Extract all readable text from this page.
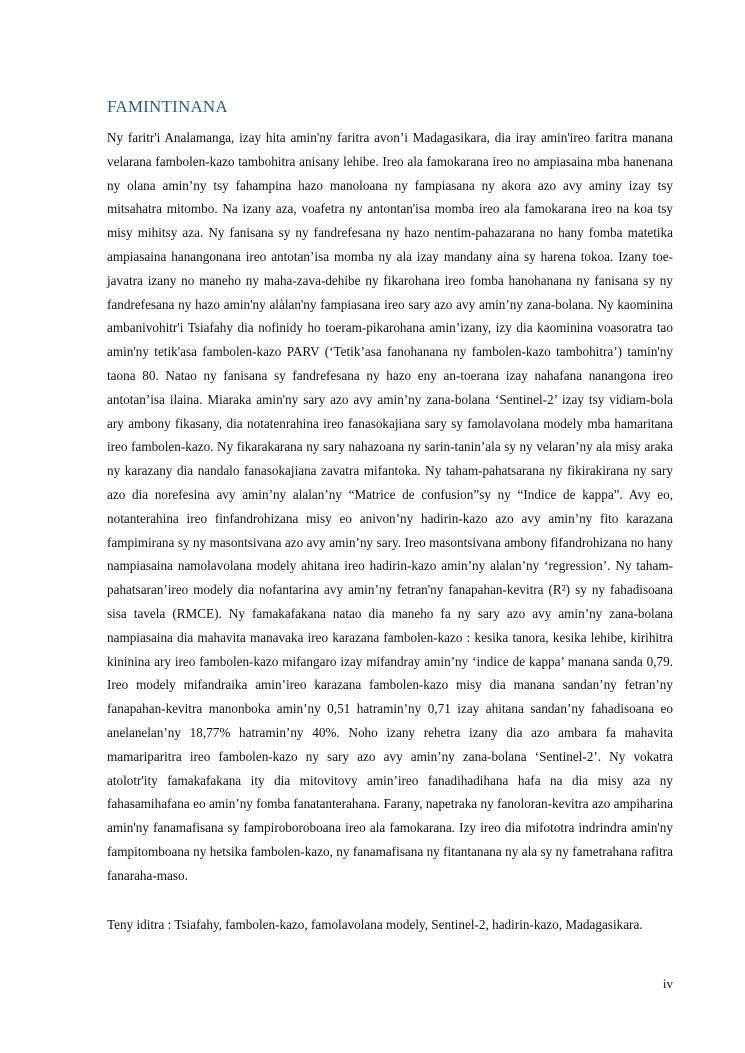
FAMINTINANA

Ny faritr'i Analamanga, izay hita amin'ny faritra avon’i Madagasikara, dia iray amin'ireo faritra manana velarana fambolen-kazo tambohitra anisany lehibe. Ireo ala famokarana ireo no ampiasaina mba hanenana ny olana amin’ny tsy fahampina hazo manoloana ny fampiasana ny akora azo avy aminy izay tsy mitsahatra mitombo. Na izany aza, voafetra ny antontan'isa momba ireo ala famokarana ireo na koa tsy misy mihitsy aza. Ny fanisana sy ny fandrefesana ny hazo nentim-pahazarana no hany fomba matetika ampiasaina hanangonana ireo antotan’isa momba ny ala izay mandany aina sy harena tokoa. Izany toe-javatra izany no maneho ny maha-zava-dehibe ny fikarohana ireo fomba hanohanana ny fanisana sy ny fandrefesana ny hazo amin'ny alàlan'ny fampiasana ireo sary azo avy amin’ny zana-bolana. Ny kaominina ambanivohitr'i Tsiafahy dia nofinidy ho toeram-pikarohana amin’izany, izy dia kaominina voasoratra tao amin'ny tetik'asa fambolen-kazo PARV (‘Tetik’asa fanohanana ny fambolen-kazo tambohitra’) tamin'ny taona 80. Natao ny fanisana sy fandrefesana ny hazo eny an-toerana izay nahafana nanangona ireo antotan’isa ilaina. Miaraka amin'ny sary azo avy amin’ny zana-bolana ‘Sentinel-2’ izay tsy vidiam-bola ary ambony fikasany, dia notatenrahina ireo fanasokajiana sary sy famolavolana modely mba hamaritana ireo fambolen-kazo. Ny fikarakarana ny sary nahazoana ny sarin-tanin’ala sy ny velaran’ny ala misy araka ny karazany dia nandalo fanasokajiana zavatra mifantoka. Ny taham-pahatsarana ny fikirakirana ny sary azo dia norefesina avy amin’ny alalan’ny “Matrice de confusion”sy ny “Indice de kappa”. Avy eo, notanterahina ireo finfandrohizana misy eo anivon’ny hadirin-kazo azo avy amin’ny fito karazana fampimirana sy ny masontsivana azo avy amin’ny sary. Ireo masontsivana ambony fifandrohizana no hany nampiasaina namolavolana modely ahitana ireo hadirin-kazo amin’ny alalan’ny ‘regression’. Ny taham-pahatsaran’ireo modely dia nofantarina avy amin’ny fetran'ny fanapahan-kevitra (R²) sy ny fahadisoana sisa tavela (RMCE). Ny famakafakana natao dia maneho fa ny sary azo avy amin’ny zana-bolana nampiasaina dia mahavita manavaka ireo karazana fambolen-kazo : kesika tanora, kesika lehibe, kirihitra kininina ary ireo fambolen-kazo mifangaro izay mifandray amin’ny ‘indice de kappa’ manana sanda 0,79. Ireo modely mifandraika amin’ireo karazana fambolen-kazo misy dia manana sandan’ny fetran’ny fanapahan-kevitra manonboka amin’ny 0,51 hatramin’ny 0,71 izay ahitana sandan’ny fahadisoana eo anelanelan’ny 18,77% hatramin’ny 40%. Noho izany rehetra izany dia azo ambara fa mahavita mamariparitra ireo fambolen-kazo ny sary azo avy amin’ny zana-bolana ‘Sentinel-2’. Ny vokatra atolotr'ity famakafakana ity dia mitovitovy amin’ireo fanadihadihana hafa na dia misy aza ny fahasamihafana eo amin’ny fomba fanatanterahana. Farany, napetraka ny fanoloran-kevitra azo ampiharina amin'ny fanamafisana sy fampiroboroboana ireo ala famokarana. Izy ireo dia mifototra indrindra amin'ny fampitomboana ny hetsika fambolen-kazo, ny fanamafisana ny fitantanana ny ala sy ny fametrahana rafitra fanaraha-maso.

Teny iditra : Tsiafahy, fambolen-kazo, famolavolana modely, Sentinel-2, hadirin-kazo, Madagasikara.

iv
